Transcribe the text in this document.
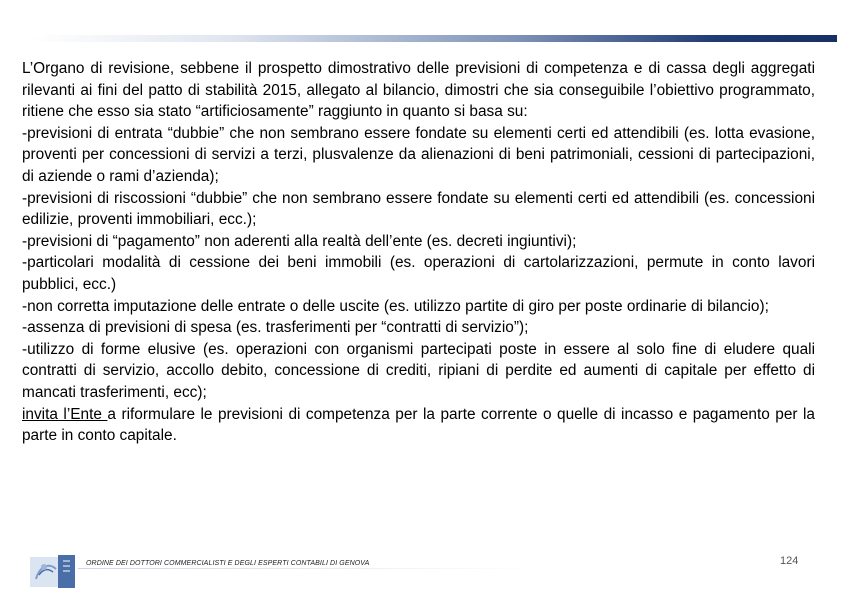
L’Organo di revisione, sebbene il prospetto dimostrativo delle previsioni di competenza e di cassa degli aggregati rilevanti ai fini del patto di stabilità 2015, allegato al bilancio, dimostri che sia conseguibile l’obiettivo programmato, ritiene che esso sia stato “artificiosamente” raggiunto in quanto si basa su:

-previsioni di entrata “dubbie” che non sembrano essere fondate su elementi certi ed attendibili (es. lotta evasione, proventi per concessioni di servizi a terzi, plusvalenze da alienazioni di beni patrimoniali, cessioni di partecipazioni, di aziende o rami d’azienda);

-previsioni di riscossioni “dubbie” che non sembrano essere fondate su elementi certi ed attendibili (es. concessioni edilizie, proventi immobiliari, ecc.);

-previsioni di “pagamento” non aderenti alla realtà dell’ente (es. decreti ingiuntivi);

-particolari modalità di cessione dei beni immobili (es. operazioni di cartolarizzazioni, permute in conto lavori pubblici, ecc.)

-non corretta imputazione delle entrate o delle uscite (es. utilizzo partite di giro per poste ordinarie di bilancio);

-assenza di previsioni di spesa (es. trasferimenti per “contratti di servizio”);

-utilizzo di forme elusive (es. operazioni con organismi partecipati poste in essere al solo fine di eludere quali contratti di servizio, accollo debito, concessione di crediti, ripiani di perdite ed aumenti di capitale per effetto di mancati trasferimenti, ecc);

invita l’Ente a riformulare le previsioni di competenza per la parte corrente o quelle di incasso e pagamento per la parte in conto capitale.

ORDINE DEI DOTTORI COMMERCIALISTI E DEGLI ESPERTI CONTABILI DI GENOVA	124
